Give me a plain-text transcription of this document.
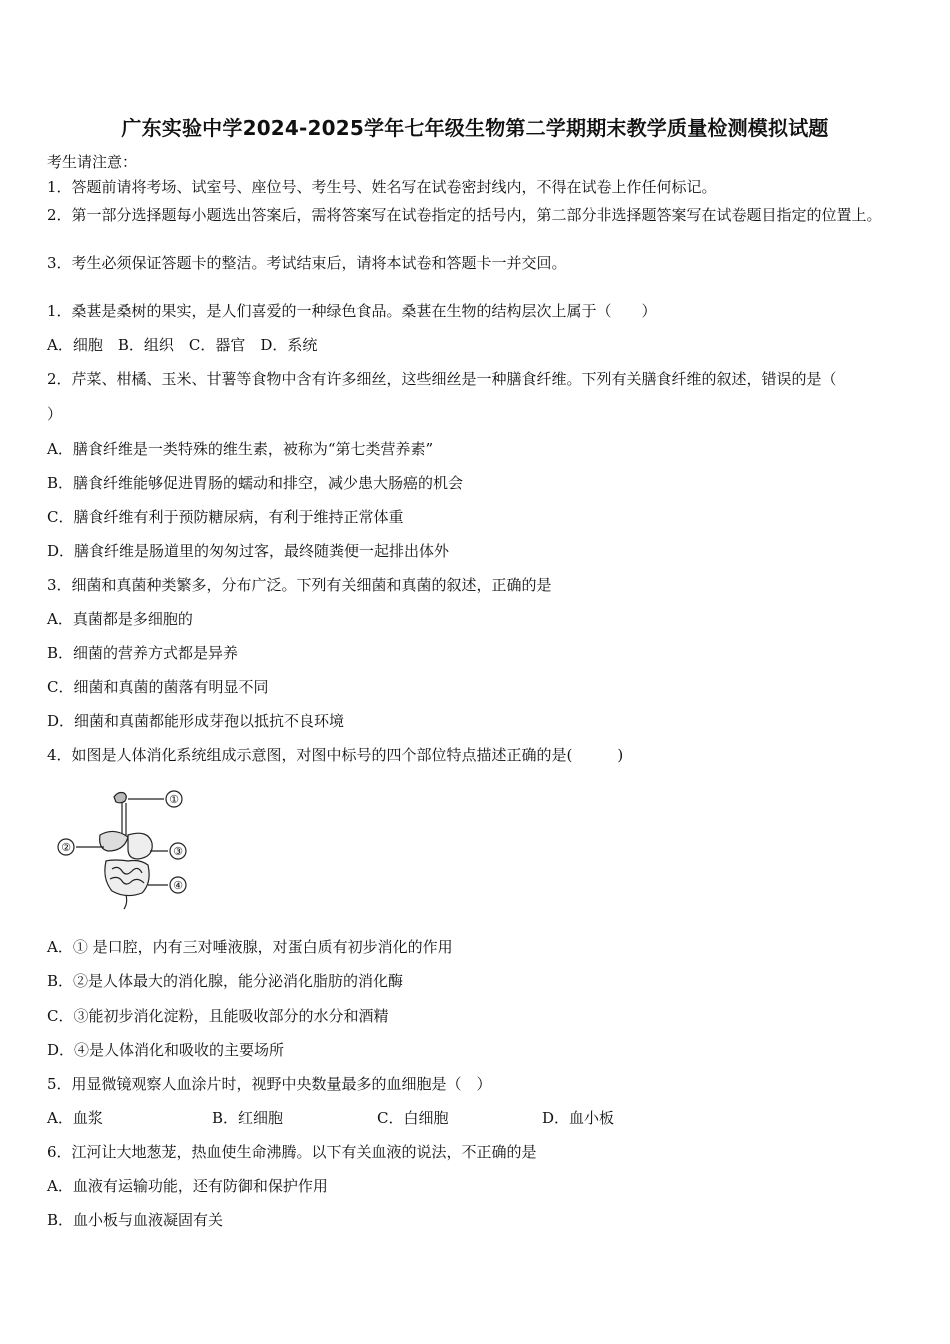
广东实验中学2024-2025学年七年级生物第二学期期末教学质量检测模拟试题
考生请注意：
1．答题前请将考场、试室号、座位号、考生号、姓名写在试卷密封线内，不得在试卷上作任何标记。
2．第一部分选择题每小题选出答案后，需将答案写在试卷指定的括号内，第二部分非选择题答案写在试卷题目指定的位置上。
3．考生必须保证答题卡的整洁。考试结束后，请将本试卷和答题卡一并交回。
1．桑葚是桑树的果实，是人们喜爱的一种绿色食品。桑葚在生物的结构层次上属于（　　）
A．细胞　B．组织　C．器官　D．系统
2．芹菜、柑橘、玉米、甘薯等食物中含有许多细丝，这些细丝是一种膳食纤维。下列有关膳食纤维的叙述，错误的是（
）
A．膳食纤维是一类特殊的维生素，被称为“第七类营养素”
B．膳食纤维能够促进胃肠的蠕动和排空，减少患大肠癌的机会
C．膳食纤维有利于预防糖尿病，有利于维持正常体重
D．膳食纤维是肠道里的匆匆过客，最终随粪便一起排出体外
3．细菌和真菌种类繁多，分布广泛。下列有关细菌和真菌的叙述，正确的是
A．真菌都是多细胞的
B．细菌的营养方式都是异养
C．细菌和真菌的菌落有明显不同
D．细菌和真菌都能形成芽孢以抵抗不良环境
4．如图是人体消化系统组成示意图，对图中标号的四个部位特点描述正确的是(　　　)
①
②	③
④
A．① 是口腔，内有三对唾液腺，对蛋白质有初步消化的作用
B．②是人体最大的消化腺，能分泌消化脂肪的消化酶
C．③能初步消化淀粉，且能吸收部分的水分和酒精
D．④是人体消化和吸收的主要场所
5．用显微镜观察人血涂片时，视野中央数量最多的血细胞是（　）
A．血浆	B．红细胞	C．白细胞	D．血小板
6．江河让大地葱茏，热血使生命沸腾。以下有关血液的说法，不正确的是
A．血液有运输功能，还有防御和保护作用
B．血小板与血液凝固有关
